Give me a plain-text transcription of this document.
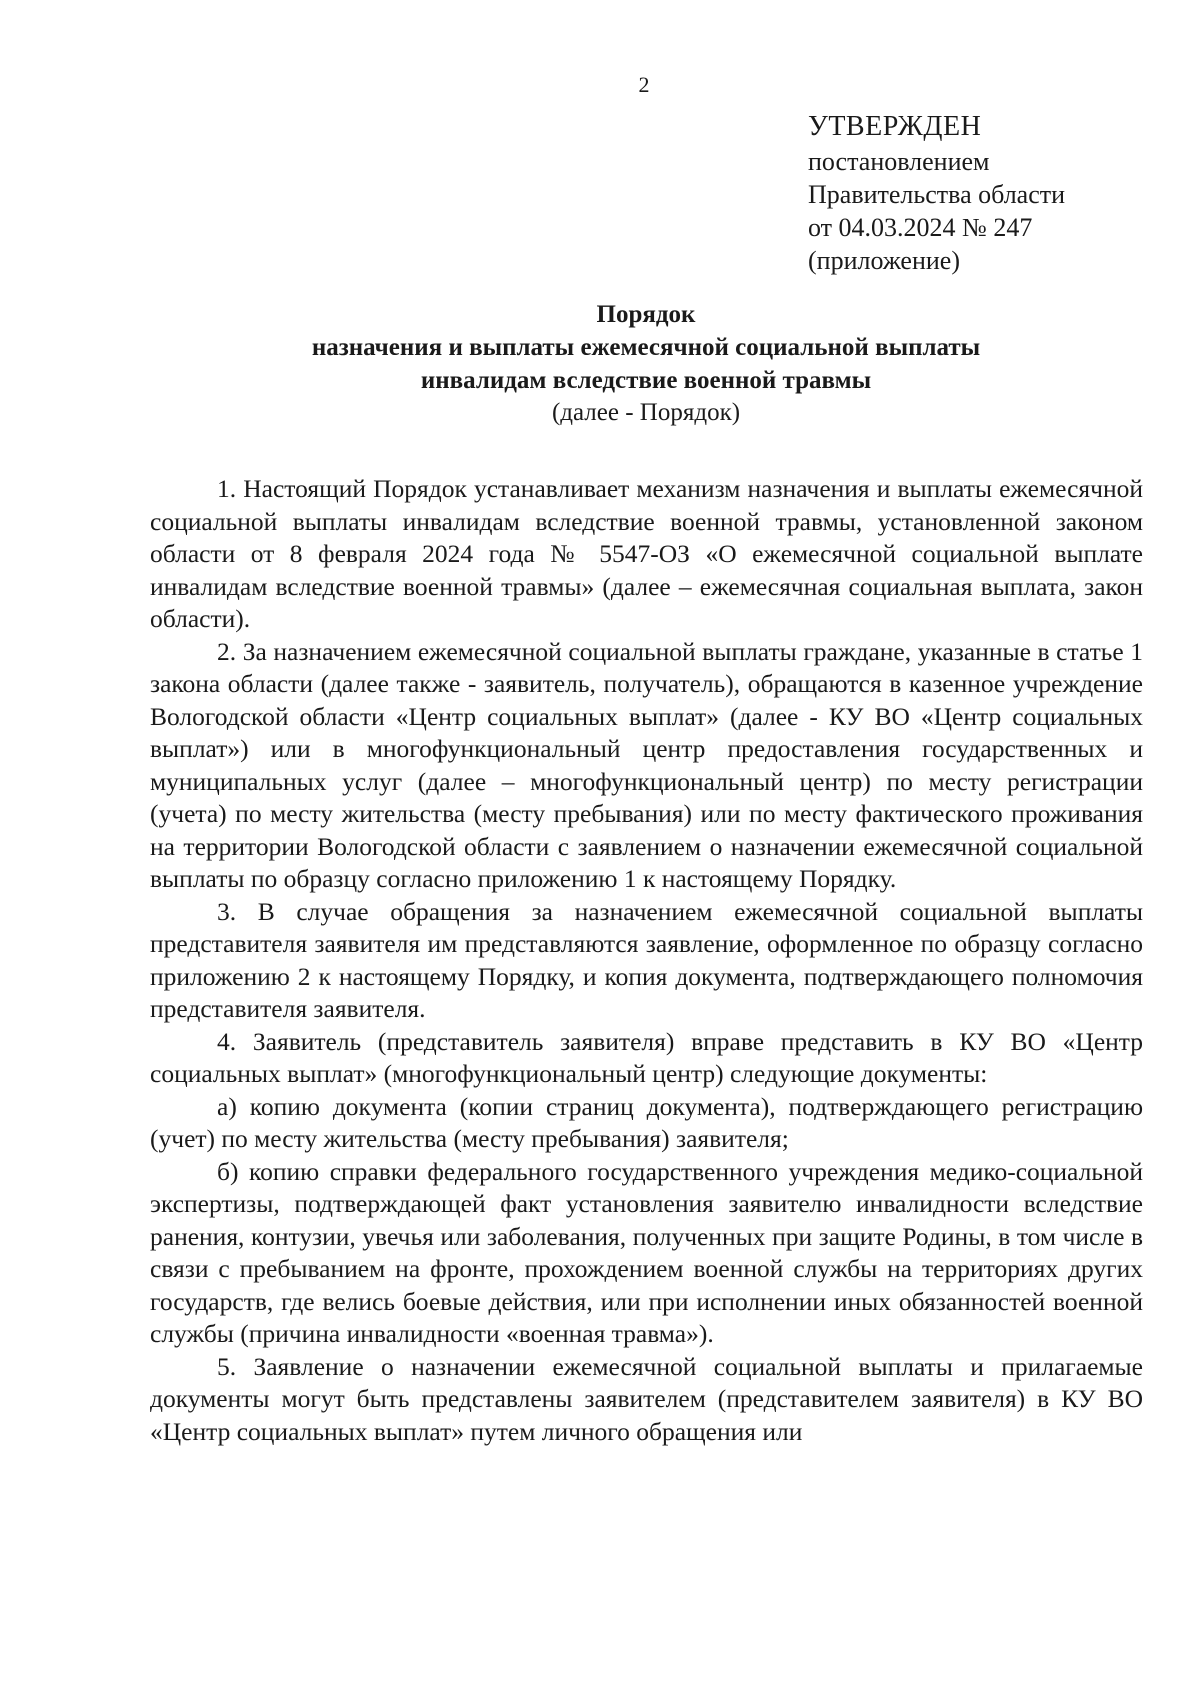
2
УТВЕРЖДЕН
постановлением
Правительства области
от 04.03.2024 № 247
(приложение)
Порядок
назначения и выплаты ежемесячной социальной выплаты
инвалидам вследствие военной травмы
(далее - Порядок)

1. Настоящий Порядок устанавливает механизм назначения и выплаты ежемесячной социальной выплаты инвалидам вследствие военной травмы, установленной законом области от 8 февраля 2024 года № 5547-ОЗ «О ежемесячной социальной выплате инвалидам вследствие военной травмы» (далее – ежемесячная социальная выплата, закон области).

2. За назначением ежемесячной социальной выплаты граждане, указанные в статье 1 закона области (далее также - заявитель, получатель), обращаются в казенное учреждение Вологодской области «Центр социальных выплат» (далее - КУ ВО «Центр социальных выплат») или в многофункциональный центр предоставления государственных и муниципальных услуг (далее – многофункциональный центр) по месту регистрации (учета) по месту жительства (месту пребывания) или по месту фактического проживания на территории Вологодской области с заявлением о назначении ежемесячной социальной выплаты по образцу согласно приложению 1 к настоящему Порядку.

3. В случае обращения за назначением ежемесячной социальной выплаты представителя заявителя им представляются заявление, оформленное по образцу согласно приложению 2 к настоящему Порядку, и копия документа, подтверждающего полномочия представителя заявителя.

4. Заявитель (представитель заявителя) вправе представить в КУ ВО «Центр социальных выплат» (многофункциональный центр) следующие документы:

а) копию документа (копии страниц документа), подтверждающего регистрацию (учет) по месту жительства (месту пребывания) заявителя;

б) копию справки федерального государственного учреждения медико-социальной экспертизы, подтверждающей факт установления заявителю инвалидности вследствие ранения, контузии, увечья или заболевания, полученных при защите Родины, в том числе в связи с пребыванием на фронте, прохождением военной службы на территориях других государств, где велись боевые действия, или при исполнении иных обязанностей военной службы (причина инвалидности «военная травма»).

5. Заявление о назначении ежемесячной социальной выплаты и прилагаемые документы могут быть представлены заявителем (представителем заявителя) в КУ ВО «Центр социальных выплат» путем личного обращения или
